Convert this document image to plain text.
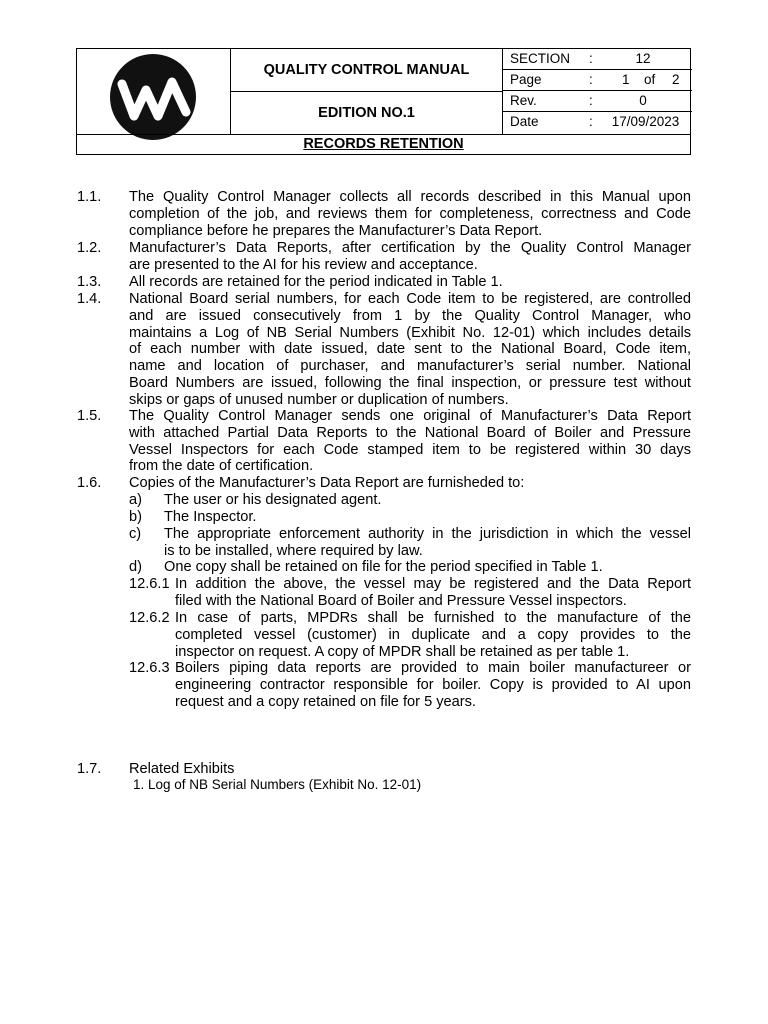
QUALITY CONTROL MANUAL
EDITION NO.1
SECTION :	12
Page	: 1 of 2
Rev.	:	0
Date	:	17/09/2023
RECORDS RETENTION
1.1. The Quality Control Manager collects all records described in this Manual upon
completion of the job, and reviews them for completeness, correctness and Code
compliance before he prepares the Manufacturer’s Data Report.
1.2. Manufacturer’s Data Reports, after certification by the Quality Control Manager
are presented to the AI for his review and acceptance.
1.3. All records are retained for the period indicated in Table 1.
1.4. National Board serial numbers, for each Code item to be registered, are controlled
and are issued consecutively from 1 by the Quality Control Manager, who
maintains a Log of NB Serial Numbers (Exhibit No. 12-01) which includes details
of each number with date issued, date sent to the National Board, Code item,
name and location of purchaser, and manufacturer’s serial number. National
Board Numbers are issued, following the final inspection, or pressure test without
skips or gaps of unused number or duplication of numbers.
1.5. The Quality Control Manager sends one original of Manufacturer’s Data Report
with attached Partial Data Reports to the National Board of Boiler and Pressure
Vessel Inspectors for each Code stamped item to be registered within 30 days
from the date of certification.
1.6. Copies of the Manufacturer’s Data Report are furnisheded to:
a) The user or his designated agent.
b) The Inspector.
c) The appropriate enforcement authority in the jurisdiction in which the vessel
is to be installed, where required by law.
d) One copy shall be retained on file for the period specified in Table 1.
12.6.1 In addition the above, the vessel may be registered and the Data Report
filed with the National Board of Boiler and Pressure Vessel inspectors.
12.6.2 In case of parts, MPDRs shall be furnished to the manufacture of the
completed vessel (customer) in duplicate and a copy provides to the
inspector on request. A copy of MPDR shall be retained as per table 1.
12.6.3 Boilers piping data reports are provided to main boiler manufactureer or
engineering contractor responsible for boiler. Copy is provided to AI upon
request and a copy retained on file for 5 years.
1.7. Related Exhibits
1. Log of NB Serial Numbers (Exhibit No. 12-01)
